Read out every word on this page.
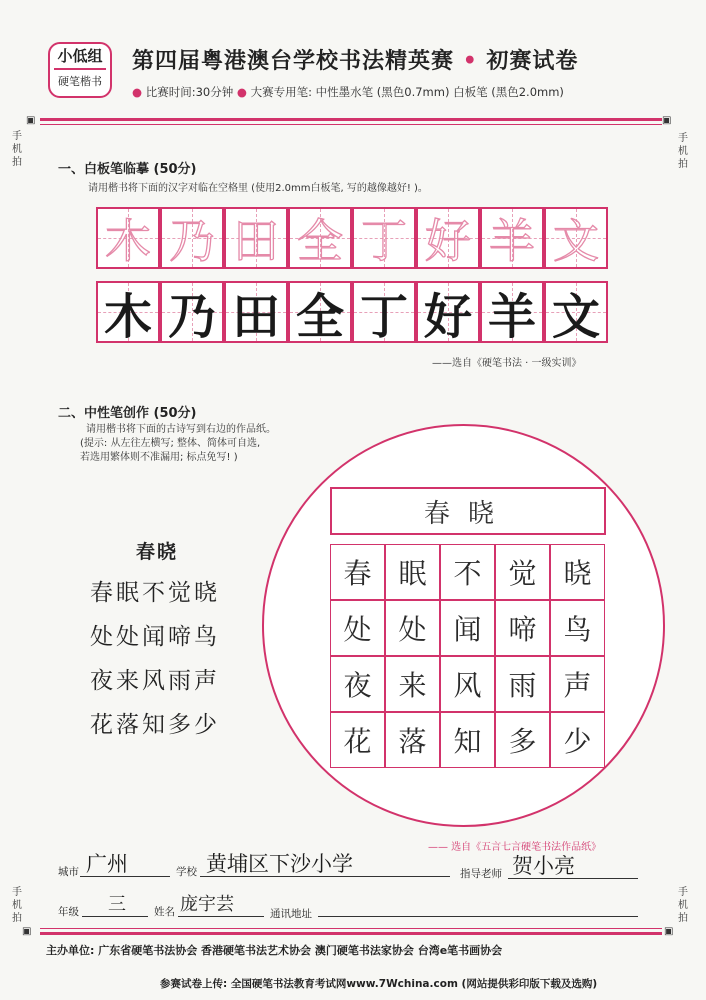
小低组
硬笔楷书
第四届粤港澳台学校书法精英赛 • 初赛试卷
● 比赛时间:30分钟 ● 大赛专用笔: 中性墨水笔 (黑色0.7mm) 白板笔 (黑色2.0mm)
▣
手机拍
▣
手机拍
手机拍
▣
手机拍
▣
一、白板笔临摹 (50分)
请用楷书将下面的汉字对临在空格里 (使用2.0mm白板笔, 写的越像越好! )。
木 乃 田 全 丁 好 羊 文
木 乃 田 全 丁 好 羊 文
——选自《硬笔书法 · 一级实训》
二、中性笔创作 (50分)
请用楷书将下面的古诗写到右边的作品纸。
(提示: 从左往左横写; 整体、简体可自选,
若选用繁体则不准漏用; 标点免写! )
春晓
春眠不觉晓
处处闻啼鸟
夜来风雨声
花落知多少
春晓
春 眠 不 觉 晓
处 处 闻 啼 鸟
夜 来 风 雨 声
花 落 知 多 少
—— 选自《五言七言硬笔书法作品纸》
城市 广州	学校 黄埔区下沙小学	指导老师 贺小亮
年级 三	姓名 庞宇芸	通讯地址
主办单位: 广东省硬笔书法协会 香港硬笔书法艺术协会 澳门硬笔书法家协会 台湾e笔书画协会
参赛试卷上传: 全国硬笔书法教育考试网www.7Wchina.com (网站提供彩印版下载及选购)
